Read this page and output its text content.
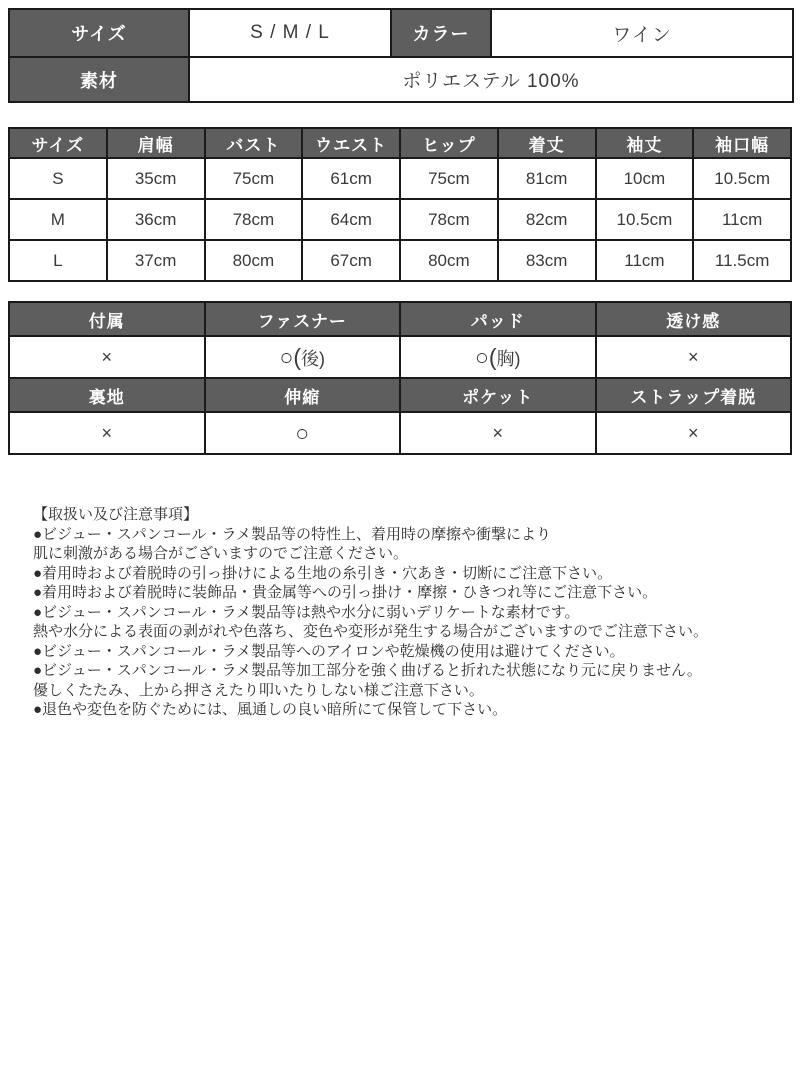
サイズ	S / M / L	カラー	ワイン
素材	ポリエステル 100%		
サイズ	肩幅	バスト	ウエスト	ヒップ	着丈	袖丈	袖口幅
S	35cm	75cm	61cm	75cm	81cm	10cm	10.5cm
M	36cm	78cm	64cm	78cm	82cm	10.5cm	11cm
L	37cm	80cm	67cm	80cm	83cm	11cm	11.5cm
付属	ファスナー	パッド	透け感

×	○(後)	○(胸)	×

裏地	伸縮	ポケット	ストラップ着脱

×	○	×	×
【取扱い及び注意事項】
●ビジュー・スパンコール・ラメ製品等の特性上、着用時の摩擦や衝撃により
肌に刺激がある場合がございますのでご注意ください。
●着用時および着脱時の引っ掛けによる生地の糸引き・穴あき・切断にご注意下さい。
●着用時および着脱時に装飾品・貴金属等への引っ掛け・摩擦・ひきつれ等にご注意下さい。
●ビジュー・スパンコール・ラメ製品等は熱や水分に弱いデリケートな素材です。
熱や水分による表面の剥がれや色落ち、変色や変形が発生する場合がございますのでご注意下さい。
●ビジュー・スパンコール・ラメ製品等へのアイロンや乾燥機の使用は避けてください。
●ビジュー・スパンコール・ラメ製品等加工部分を強く曲げると折れた状態になり元に戻りません。
優しくたたみ、上から押さえたり叩いたりしない様ご注意下さい。
●退色や変色を防ぐためには、風通しの良い暗所にて保管して下さい。
